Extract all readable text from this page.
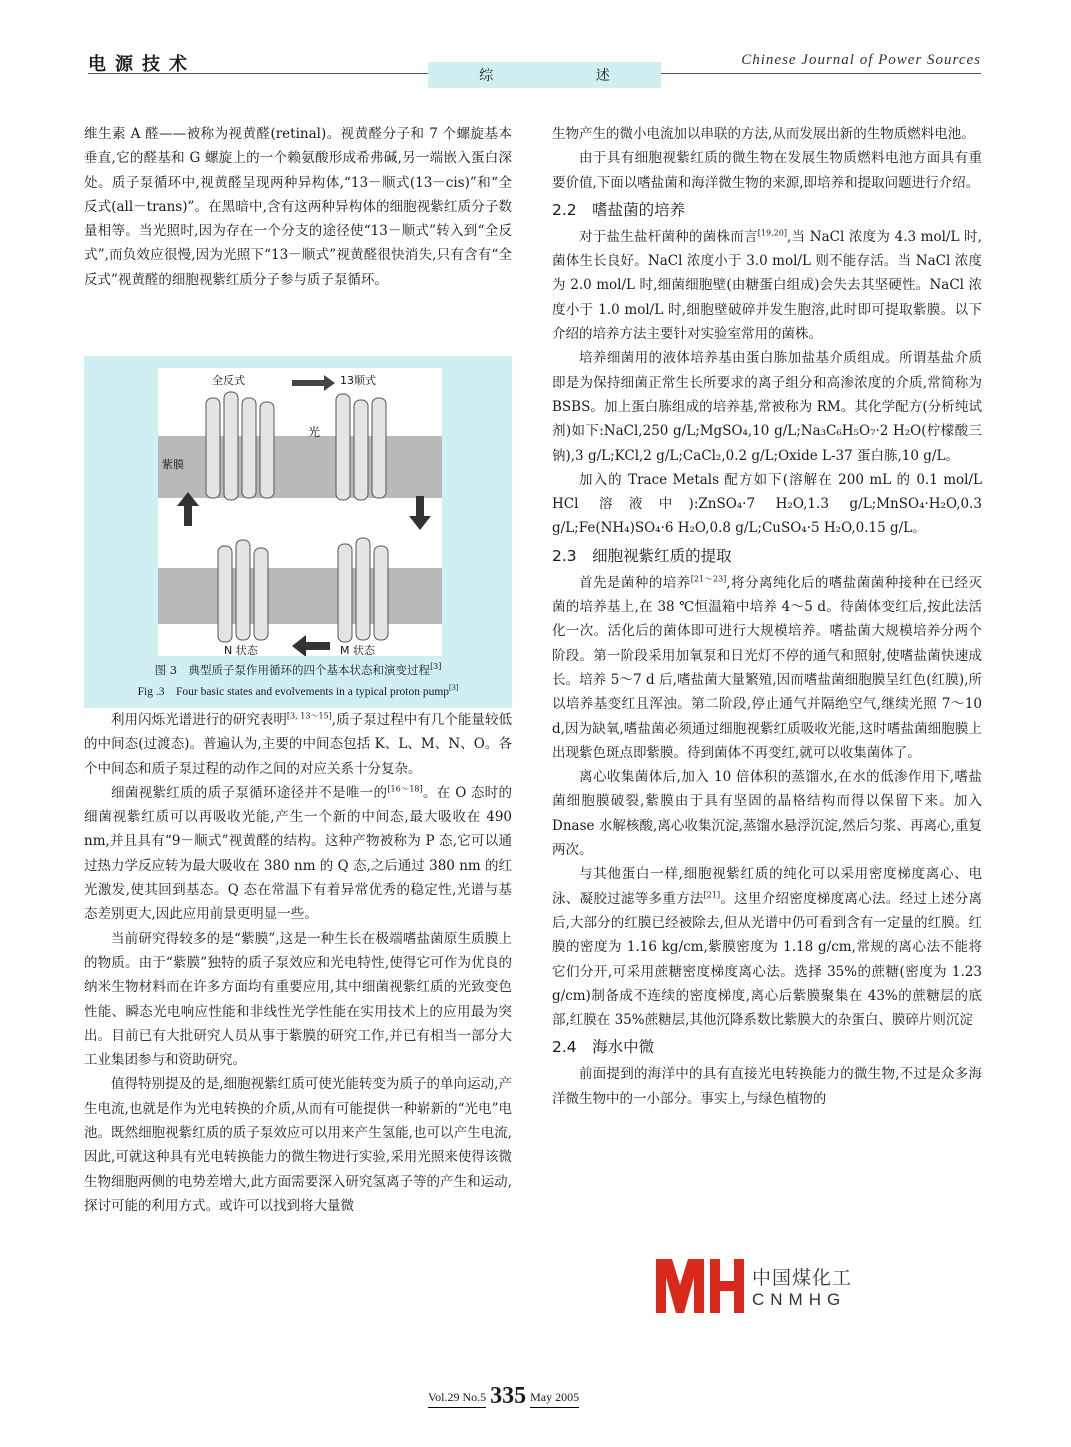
电源技术	Chinese Journal of Power Sources
综	述

维生素 A 醛——被称为视黄醛(retinal)。视黄醛分子和 7 个螺旋基本垂直,它的醛基和 G 螺旋上的一个赖氨酸形成希弗碱,另一端嵌入蛋白深处。质子泵循环中,视黄醛呈现两种异构体,“13－顺式(13－cis)”和“全反式(all－trans)”。在黑暗中,含有这两种异构体的细胞视紫红质分子数量相等。当光照时,因为存在一个分支的途径使“13－顺式”转入到“全反式”,而负效应很慢,因为光照下“13－顺式”视黄醛很快消失,只有含有“全反式”视黄醛的细胞视紫红质分子参与质子泵循环。

全反式	13顺式
光
紫膜
N 状态	M 状态
图 3　典型质子泵作用循环的四个基本状态和演变过程[3]
Fig .3　Four basic states and evolvements in a typical proton pump[3]

利用闪烁光谱进行的研究表明[3, 13～15],质子泵过程中有几个能量较低的中间态(过渡态)。普遍认为,主要的中间态包括 K、L、M、N、O。各个中间态和质子泵过程的动作之间的对应关系十分复杂。

细菌视紫红质的质子泵循环途径并不是唯一的[16～18]。在 O 态时的细菌视紫红质可以再吸收光能,产生一个新的中间态,最大吸收在 490 nm,并且具有“9－顺式”视黄醛的结构。这种产物被称为 P 态,它可以通过热力学反应转为最大吸收在 380 nm 的 Q 态,之后通过 380 nm 的红光激发,使其回到基态。Q 态在常温下有着异常优秀的稳定性,光谱与基态差别更大,因此应用前景更明显一些。

当前研究得较多的是“紫膜”,这是一种生长在极端嗜盐菌原生质膜上的物质。由于“紫膜”独特的质子泵效应和光电特性,使得它可作为优良的纳米生物材料而在许多方面均有重要应用,其中细菌视紫红质的光致变色性能、瞬态光电响应性能和非线性光学性能在实用技术上的应用最为突出。目前已有大批研究人员从事于紫膜的研究工作,并已有相当一部分大工业集团参与和资助研究。

值得特别提及的是,细胞视紫红质可使光能转变为质子的单向运动,产生电流,也就是作为光电转换的介质,从而有可能提供一种崭新的“光电”电池。既然细胞视紫红质的质子泵效应可以用来产生氢能,也可以产生电流,因此,可就这种具有光电转换能力的微生物进行实验,采用光照来使得该微生物细胞两侧的电势差增大,此方面需要深入研究氢离子等的产生和运动,探讨可能的利用方式。或许可以找到将大量微

生物产生的微小电流加以串联的方法,从而发展出新的生物质燃料电池。

由于具有细胞视紫红质的微生物在发展生物质燃料电池方面具有重要价值,下面以嗜盐菌和海洋微生物的来源,即培养和提取问题进行介绍。

2.2　嗜盐菌的培养

对于盐生盐杆菌种的菌株而言[19,20],当 NaCl 浓度为 4.3 mol/L 时,菌体生长良好。NaCl 浓度小于 3.0 mol/L 则不能存活。当 NaCl 浓度为 2.0 mol/L 时,细菌细胞壁(由糖蛋白组成)会失去其坚硬性。NaCl 浓度小于 1.0 mol/L 时,细胞壁破碎并发生胞溶,此时即可提取紫膜。以下介绍的培养方法主要针对实验室常用的菌株。

培养细菌用的液体培养基由蛋白胨加盐基介质组成。所谓基盐介质即是为保持细菌正常生长所要求的离子组分和高渗浓度的介质,常简称为 BSBS。加上蛋白胨组成的培养基,常被称为 RM。其化学配方(分析纯试剂)如下:NaCl,250 g/L;MgSO₄,10 g/L;Na₃C₆H₅O₇·2 H₂O(柠檬酸三钠),3 g/L;KCl,2 g/L;CaCl₂,0.2 g/L;Oxide L-37 蛋白胨,10 g/L。

加入的 Trace Metals 配方如下(溶解在 200 mL 的 0.1 mol/L HCl 溶液中):ZnSO₄·7 H₂O,1.3 g/L;MnSO₄·H₂O,0.3 g/L;Fe(NH₄)SO₄·6 H₂O,0.8 g/L;CuSO₄·5 H₂O,0.15 g/L。

2.3　细胞视紫红质的提取

首先是菌种的培养[21～23],将分离纯化后的嗜盐菌菌种接种在已经灭菌的培养基上,在 38 ℃恒温箱中培养 4～5 d。待菌体变红后,按此法活化一次。活化后的菌体即可进行大规模培养。嗜盐菌大规模培养分两个阶段。第一阶段采用加氧泵和日光灯不停的通气和照射,使嗜盐菌快速成长。培养 5～7 d 后,嗜盐菌大量繁殖,因而嗜盐菌细胞膜呈红色(红膜),所以培养基变红且浑浊。第二阶段,停止通气并隔绝空气,继续光照 7～10 d,因为缺氧,嗜盐菌必须通过细胞视紫红质吸收光能,这时嗜盐菌细胞膜上出现紫色斑点即紫膜。待到菌体不再变红,就可以收集菌体了。

离心收集菌体后,加入 10 倍体积的蒸馏水,在水的低渗作用下,嗜盐菌细胞膜破裂,紫膜由于具有坚固的晶格结构而得以保留下来。加入 Dnase 水解核酸,离心收集沉淀,蒸馏水悬浮沉淀,然后匀浆、再离心,重复两次。

与其他蛋白一样,细胞视紫红质的纯化可以采用密度梯度离心、电泳、凝胶过滤等多重方法[21]。这里介绍密度梯度离心法。经过上述分离后,大部分的红膜已经被除去,但从光谱中仍可看到含有一定量的红膜。红膜的密度为 1.16 kg/cm,紫膜密度为 1.18 g/cm,常规的离心法不能将它们分开,可采用蔗糖密度梯度离心法。选择 35%的蔗糖(密度为 1.23 g/cm)制备成不连续的密度梯度,离心后紫膜聚集在 43%的蔗糖层的底部,红膜在 35%蔗糖层,其他沉降系数比紫膜大的杂蛋白、膜碎片则沉淀

2.4　海水中微

前面提到的海洋中的具有直接光电转换能力的微生物,不过是众多海洋微生物中的一小部分。事实上,与绿色植物的

中国煤化工
CNMHG
Vol.29 No.5 335 May 2005
